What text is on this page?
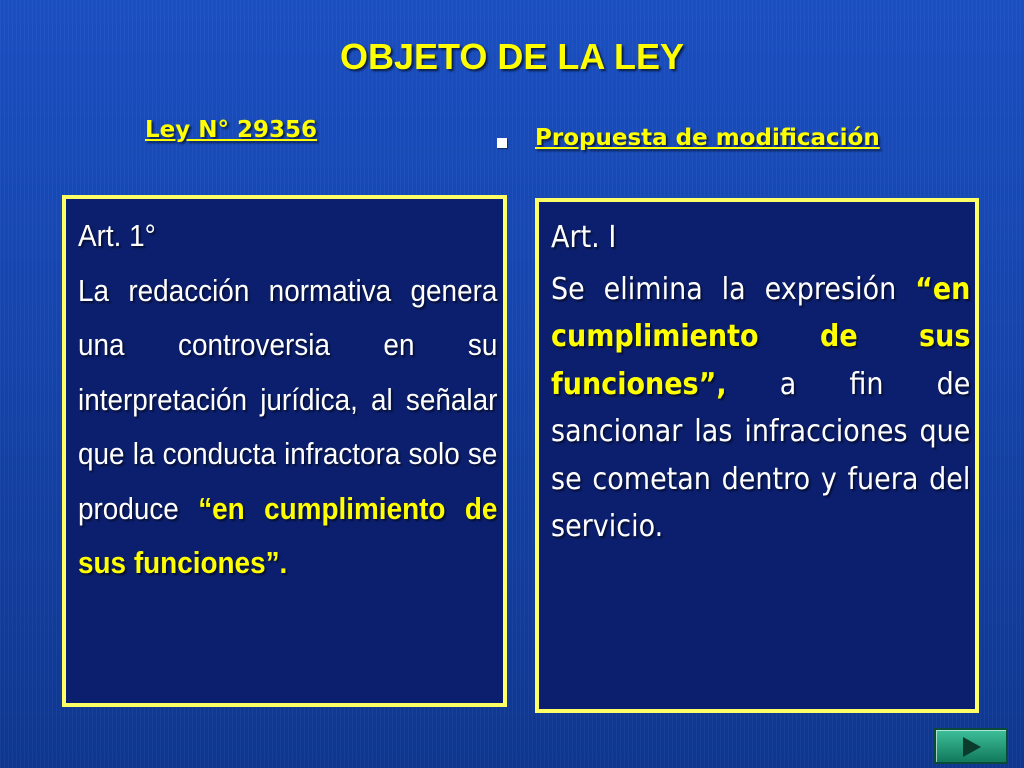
OBJETO DE LA LEY
Ley N° 29356	Propuesta de modificación
Art. 1°

La redacción normativa genera una controversia en su interpretación jurídica, al señalar que la conducta infractora solo se produce “en cumplimiento de sus funciones”.

Art. I

Se elimina la expresión “en cumplimiento de sus funciones”, a fin de sancionar las infracciones que se cometan dentro y fuera del servicio.
